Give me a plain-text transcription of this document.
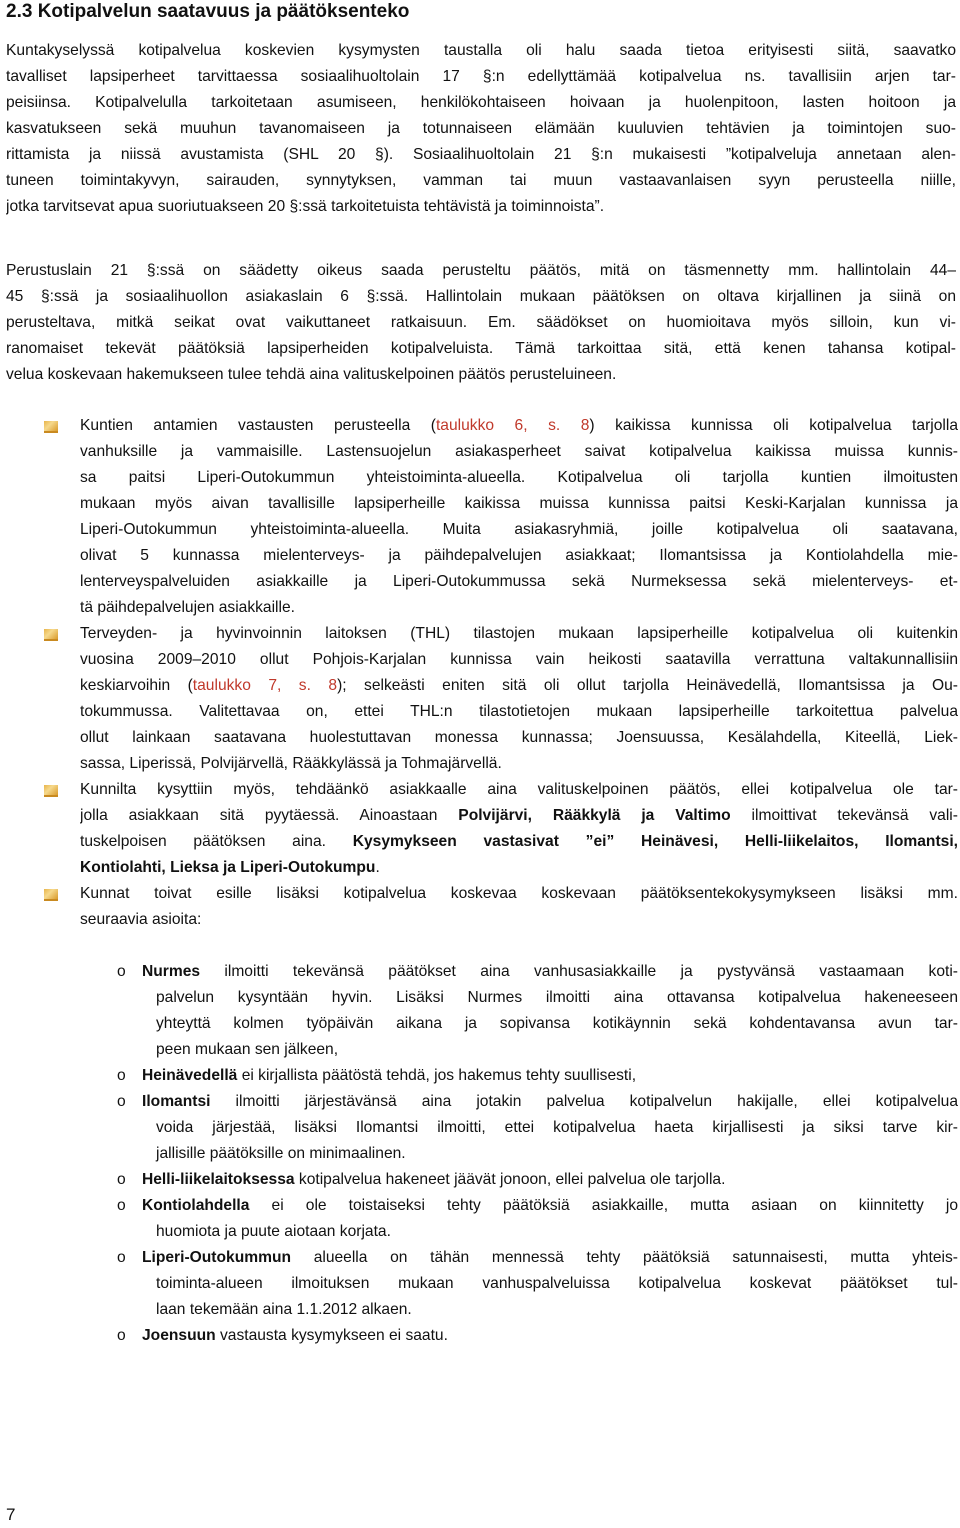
2.3 Kotipalvelun saatavuus ja päätöksenteko
Kuntakyselyssä kotipalvelua koskevien kysymysten taustalla oli halu saada tietoa erityisesti siitä, saavatko
tavalliset lapsiperheet tarvittaessa sosiaalihuoltolain 17 §:n edellyttämää kotipalvelua ns. tavallisiin arjen tar-
peisiinsa. Kotipalvelulla tarkoitetaan asumiseen, henkilökohtaiseen hoivaan ja huolenpitoon, lasten hoitoon ja
kasvatukseen sekä muuhun tavanomaiseen ja totunnaiseen elämään kuuluvien tehtävien ja toimintojen suo-
rittamista ja niissä avustamista (SHL 20 §). Sosiaalihuoltolain 21 §:n mukaisesti ”kotipalveluja annetaan alen-
tuneen toimintakyvyn, sairauden, synnytyksen, vamman tai muun vastaavanlaisen syyn perusteella niille,
jotka tarvitsevat apua suoriutuakseen 20 §:ssä tarkoitetuista tehtävistä ja toiminnoista”.
Perustuslain 21 §:ssä on säädetty oikeus saada perusteltu päätös, mitä on täsmennetty mm. hallintolain 44–
45 §:ssä ja sosiaalihuollon asiakaslain 6 §:ssä. Hallintolain mukaan päätöksen on oltava kirjallinen ja siinä on
perusteltava, mitkä seikat ovat vaikuttaneet ratkaisuun. Em. säädökset on huomioitava myös silloin, kun vi-
ranomaiset tekevät päätöksiä lapsiperheiden kotipalveluista. Tämä tarkoittaa sitä, että kenen tahansa kotipal-
velua koskevaan hakemukseen tulee tehdä aina valituskelpoinen päätös perusteluineen.
Kuntien antamien vastausten perusteella (taulukko 6, s. 8) kaikissa kunnissa oli kotipalvelua tarjolla
vanhuksille ja vammaisille. Lastensuojelun asiakasperheet saivat kotipalvelua kaikissa muissa kunnis-
sa paitsi Liperi-Outokummun yhteistoiminta-alueella. Kotipalvelua oli tarjolla kuntien ilmoitusten
mukaan myös aivan tavallisille lapsiperheille kaikissa muissa kunnissa paitsi Keski-Karjalan kunnissa ja
Liperi-Outokummun yhteistoiminta-alueella. Muita asiakasryhmiä, joille kotipalvelua oli saatavana,
olivat 5 kunnassa mielenterveys- ja päihdepalvelujen asiakkaat; Ilomantsissa ja Kontiolahdella mie-
lenterveyspalveluiden asiakkaille ja Liperi-Outokummussa sekä Nurmeksessa sekä mielenterveys- et-
tä päihdepalvelujen asiakkaille.
Terveyden- ja hyvinvoinnin laitoksen (THL) tilastojen mukaan lapsiperheille kotipalvelua oli kuitenkin
vuosina 2009–2010 ollut Pohjois-Karjalan kunnissa vain heikosti saatavilla verrattuna valtakunnallisiin
keskiarvoihin (taulukko 7, s. 8); selkeästi eniten sitä oli ollut tarjolla Heinävedellä, Ilomantsissa ja Ou-
tokummussa. Valitettavaa on, ettei THL:n tilastotietojen mukaan lapsiperheille tarkoitettua palvelua
ollut lainkaan saatavana huolestuttavan monessa kunnassa; Joensuussa, Kesälahdella, Kiteellä, Liek-
sassa, Liperissä, Polvijärvellä, Rääkkylässä ja Tohmajärvellä.
Kunnilta kysyttiin myös, tehdäänkö asiakkaalle aina valituskelpoinen päätös, ellei kotipalvelua ole tar-
jolla asiakkaan sitä pyytäessä. Ainoastaan Polvijärvi, Rääkkylä ja Valtimo ilmoittivat tekevänsä vali-
tuskelpoisen päätöksen aina. Kysymykseen vastasivat ”ei” Heinävesi, Helli-liikelaitos, Ilomantsi,
Kontiolahti, Lieksa ja Liperi-Outokumpu.
Kunnat toivat esille lisäksi kotipalvelua koskevaa koskevaan päätöksentekokysymykseen lisäksi mm.
seuraavia asioita:
o Nurmes ilmoitti tekevänsä päätökset aina vanhusasiakkaille ja pystyvänsä vastaamaan koti-
palvelun kysyntään hyvin. Lisäksi Nurmes ilmoitti aina ottavansa kotipalvelua hakeneeseen
yhteyttä kolmen työpäivän aikana ja sopivansa kotikäynnin sekä kohdentavansa avun tar-
peen mukaan sen jälkeen,
o Heinävedellä ei kirjallista päätöstä tehdä, jos hakemus tehty suullisesti,
o Ilomantsi ilmoitti järjestävänsä aina jotakin palvelua kotipalvelun hakijalle, ellei kotipalvelua
voida järjestää, lisäksi Ilomantsi ilmoitti, ettei kotipalvelua haeta kirjallisesti ja siksi tarve kir-
jallisille päätöksille on minimaalinen.
o Helli-liikelaitoksessa kotipalvelua hakeneet jäävät jonoon, ellei palvelua ole tarjolla.
o Kontiolahdella ei ole toistaiseksi tehty päätöksiä asiakkaille, mutta asiaan on kiinnitetty jo
huomiota ja puute aiotaan korjata.
o Liperi-Outokummun alueella on tähän mennessä tehty päätöksiä satunnaisesti, mutta yhteis-
toiminta-alueen ilmoituksen mukaan vanhuspalveluissa kotipalvelua koskevat päätökset tul-
laan tekemään aina 1.1.2012 alkaen.
o Joensuun vastausta kysymykseen ei saatu.
7
